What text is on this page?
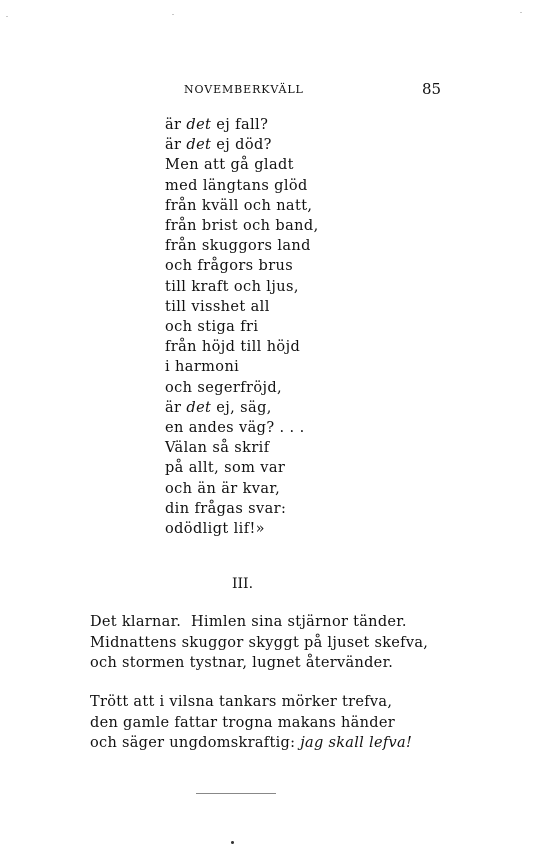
NOVEMBERKVÄLL	85
är det ej fall?
är det ej död?
Men att gå gladt
med längtans glöd
från kväll och natt,
från brist och band,
från skuggors land
och frågors brus
till kraft och ljus,
till visshet all
och stiga fri
från höjd till höjd
i harmoni
och segerfröjd,
är det ej, säg,
en andes väg? . . .
Välan så skrif
på allt, som var
och än är kvar,
din frågas svar:
odödligt lif!»
III.
Det klarnar.  Himlen sina stjärnor tänder.
Midnattens skuggor skyggt på ljuset skefva,
och stormen tystnar, lugnet återvänder.
Trött att i vilsna tankars mörker trefva,
den gamle fattar trogna makans händer
och säger ungdomskraftig: jag skall lefva!
